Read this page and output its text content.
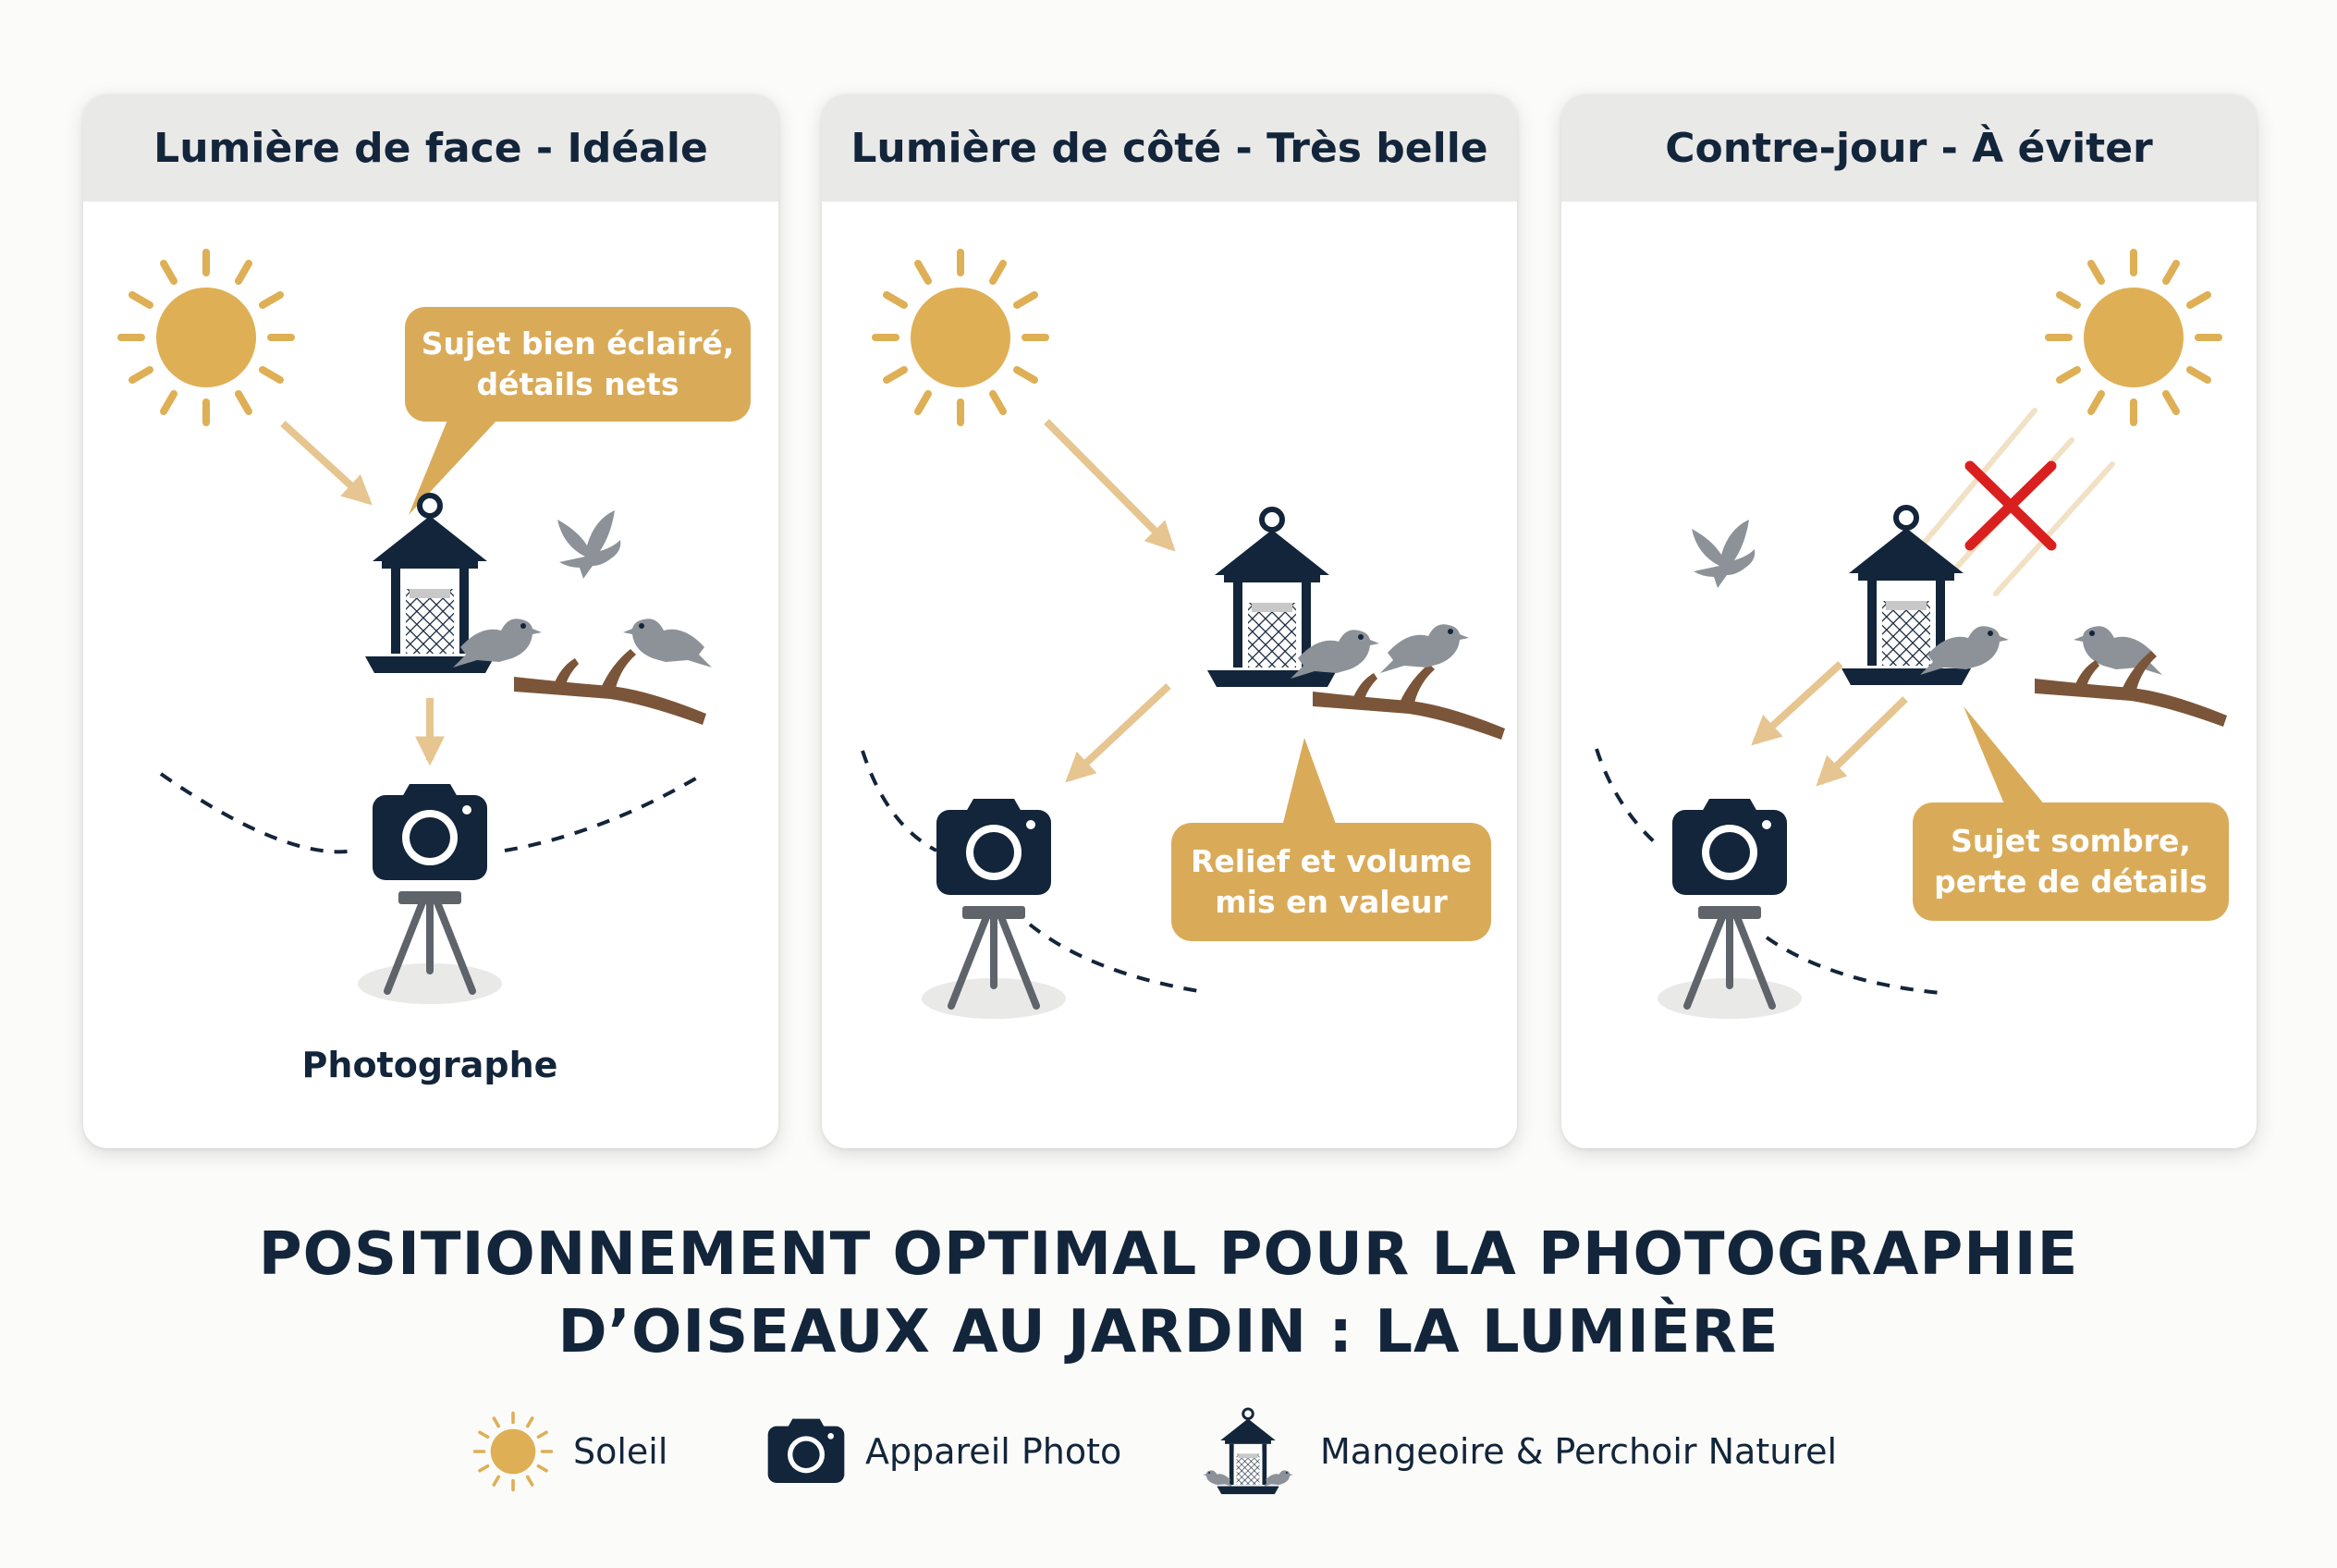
Lumière de face - Idéale
Sujet bien éclairé,
détails nets
Photographe
Lumière de côté - Très belle
Relief et volume
mis en valeur
Contre-jour - À éviter
Sujet sombre,
perte de détails
POSITIONNEMENT OPTIMAL POUR LA PHOTOGRAPHIE
D’OISEAUX AU JARDIN : LA LUMIÈRE
Soleil	Appareil Photo	Mangeoire & Perchoir Naturel
